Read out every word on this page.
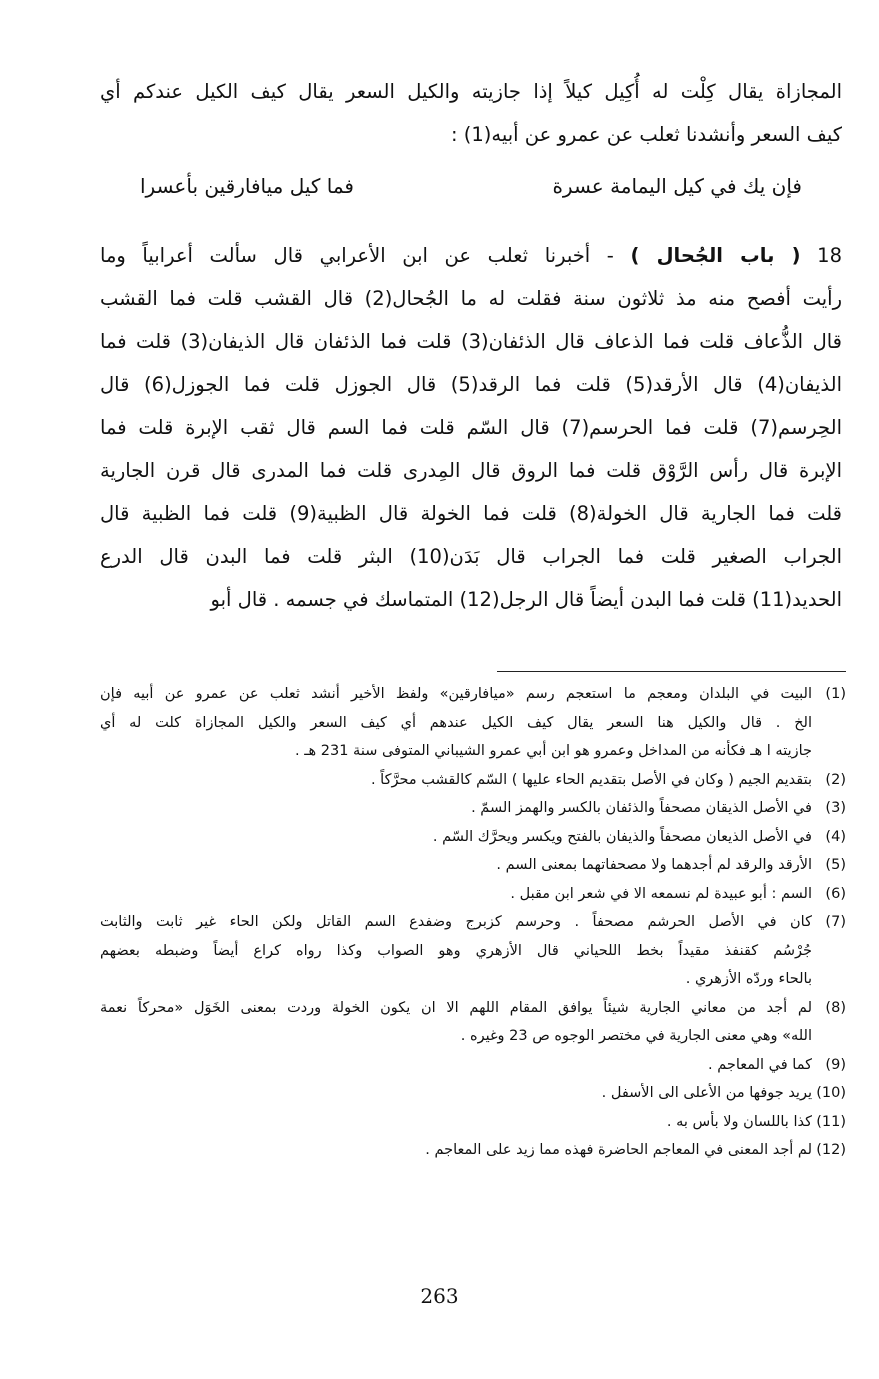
المجازاة يقال كِلْت له أُكِيل كيلاً إذا جازيته والكيل السعر يقال كيف الكيل عندكم أي
كيف السعر وأنشدنا ثعلب عن عمرو عن أبيه(1) :

فإن يك في كيل اليمامة عسرة
فما كيل ميافارقين بأعسرا

18 ( باب الجُحال ) - أخبرنا ثعلب عن ابن الأعرابي قال سألت أعرابياً وما
رأيت أفصح منه مذ ثلاثون سنة فقلت له ما الجُحال(2) قال القشب قلت فما القشب
قال الذُّعاف قلت فما الذعاف قال الذئفان(3) قلت فما الذئفان قال الذيفان(3) قلت فما
الذيفان(4) قال الأرقد(5) قلت فما الرقد(5) قال الجوزل قلت فما الجوزل(6) قال
الحِرسم(7) قلت فما الحرسم(7) قال السّم قلت فما السم قال ثقب الإبرة قلت فما
الإبرة قال رأس الرَّوْق قلت فما الروق قال المِدرى قلت فما المدرى قال قرن الجارية
قلت فما الجارية قال الخولة(8) قلت فما الخولة قال الظبية(9) قلت فما الظبية قال
الجراب الصغير قلت فما الجراب قال بَدَن(10) البثر قلت فما البدن قال الدرع
الحديد(11) قلت فما البدن أيضاً قال الرجل(12) المتماسك في جسمه . قال أبو

(1)
البيت في البلدان ومعجم ما استعجم رسم «ميافارقين» ولفظ الأخير أنشد ثعلب عن عمرو عن أبيه فإن
الخ . قال والكيل هنا السعر يقال كيف الكيل عندهم أي كيف السعر والكيل المجازاة كلت له أي
جازيته ا هـ فكأنه من المداخل وعمرو هو ابن أبي عمرو الشيباني المتوفى سنة 231 هـ .
(2)
بتقديم الجيم ( وكان في الأصل بتقديم الحاء عليها ) السّم كالقشب محرَّكاً .
(3)
في الأصل الذيقان مصحفاً والذئفان بالكسر والهمز السمّ .
(4)
في الأصل الذيعان مصحفاً والذيفان بالفتح ويكسر ويحرَّك السّم .
(5)
الأرقد والرقد لم أجدهما ولا مصحفاتهما بمعنى السم .
(6)
السم : أبو عبيدة لم نسمعه الا في شعر ابن مقبل .
(7)
كان في الأصل الحرشم مصحفاً . وحرسم كزبرج وضفدع السم القاتل ولكن الحاء غير ثابت والثابت
جُرْسُم كقنفذ مقيداً بخط اللحياني قال الأزهري وهو الصواب وكذا رواه كراع أيضاً وضبطه بعضهم
بالحاء وردّه الأزهري .
(8)
لم أجد من معاني الجارية شيئاً يوافق المقام اللهم الا ان يكون الخولة وردت بمعنى الخَوَل «محركاً نعمة
الله» وهي معنى الجارية في مختصر الوجوه ص 23 وغيره .
(9)
كما في المعاجم .
(10)
يريد جوفها من الأعلى الى الأسفل .
(11)
كذا باللسان ولا بأس به .
(12)
لم أجد المعنى في المعاجم الحاضرة فهذه مما زيد على المعاجم .
263
